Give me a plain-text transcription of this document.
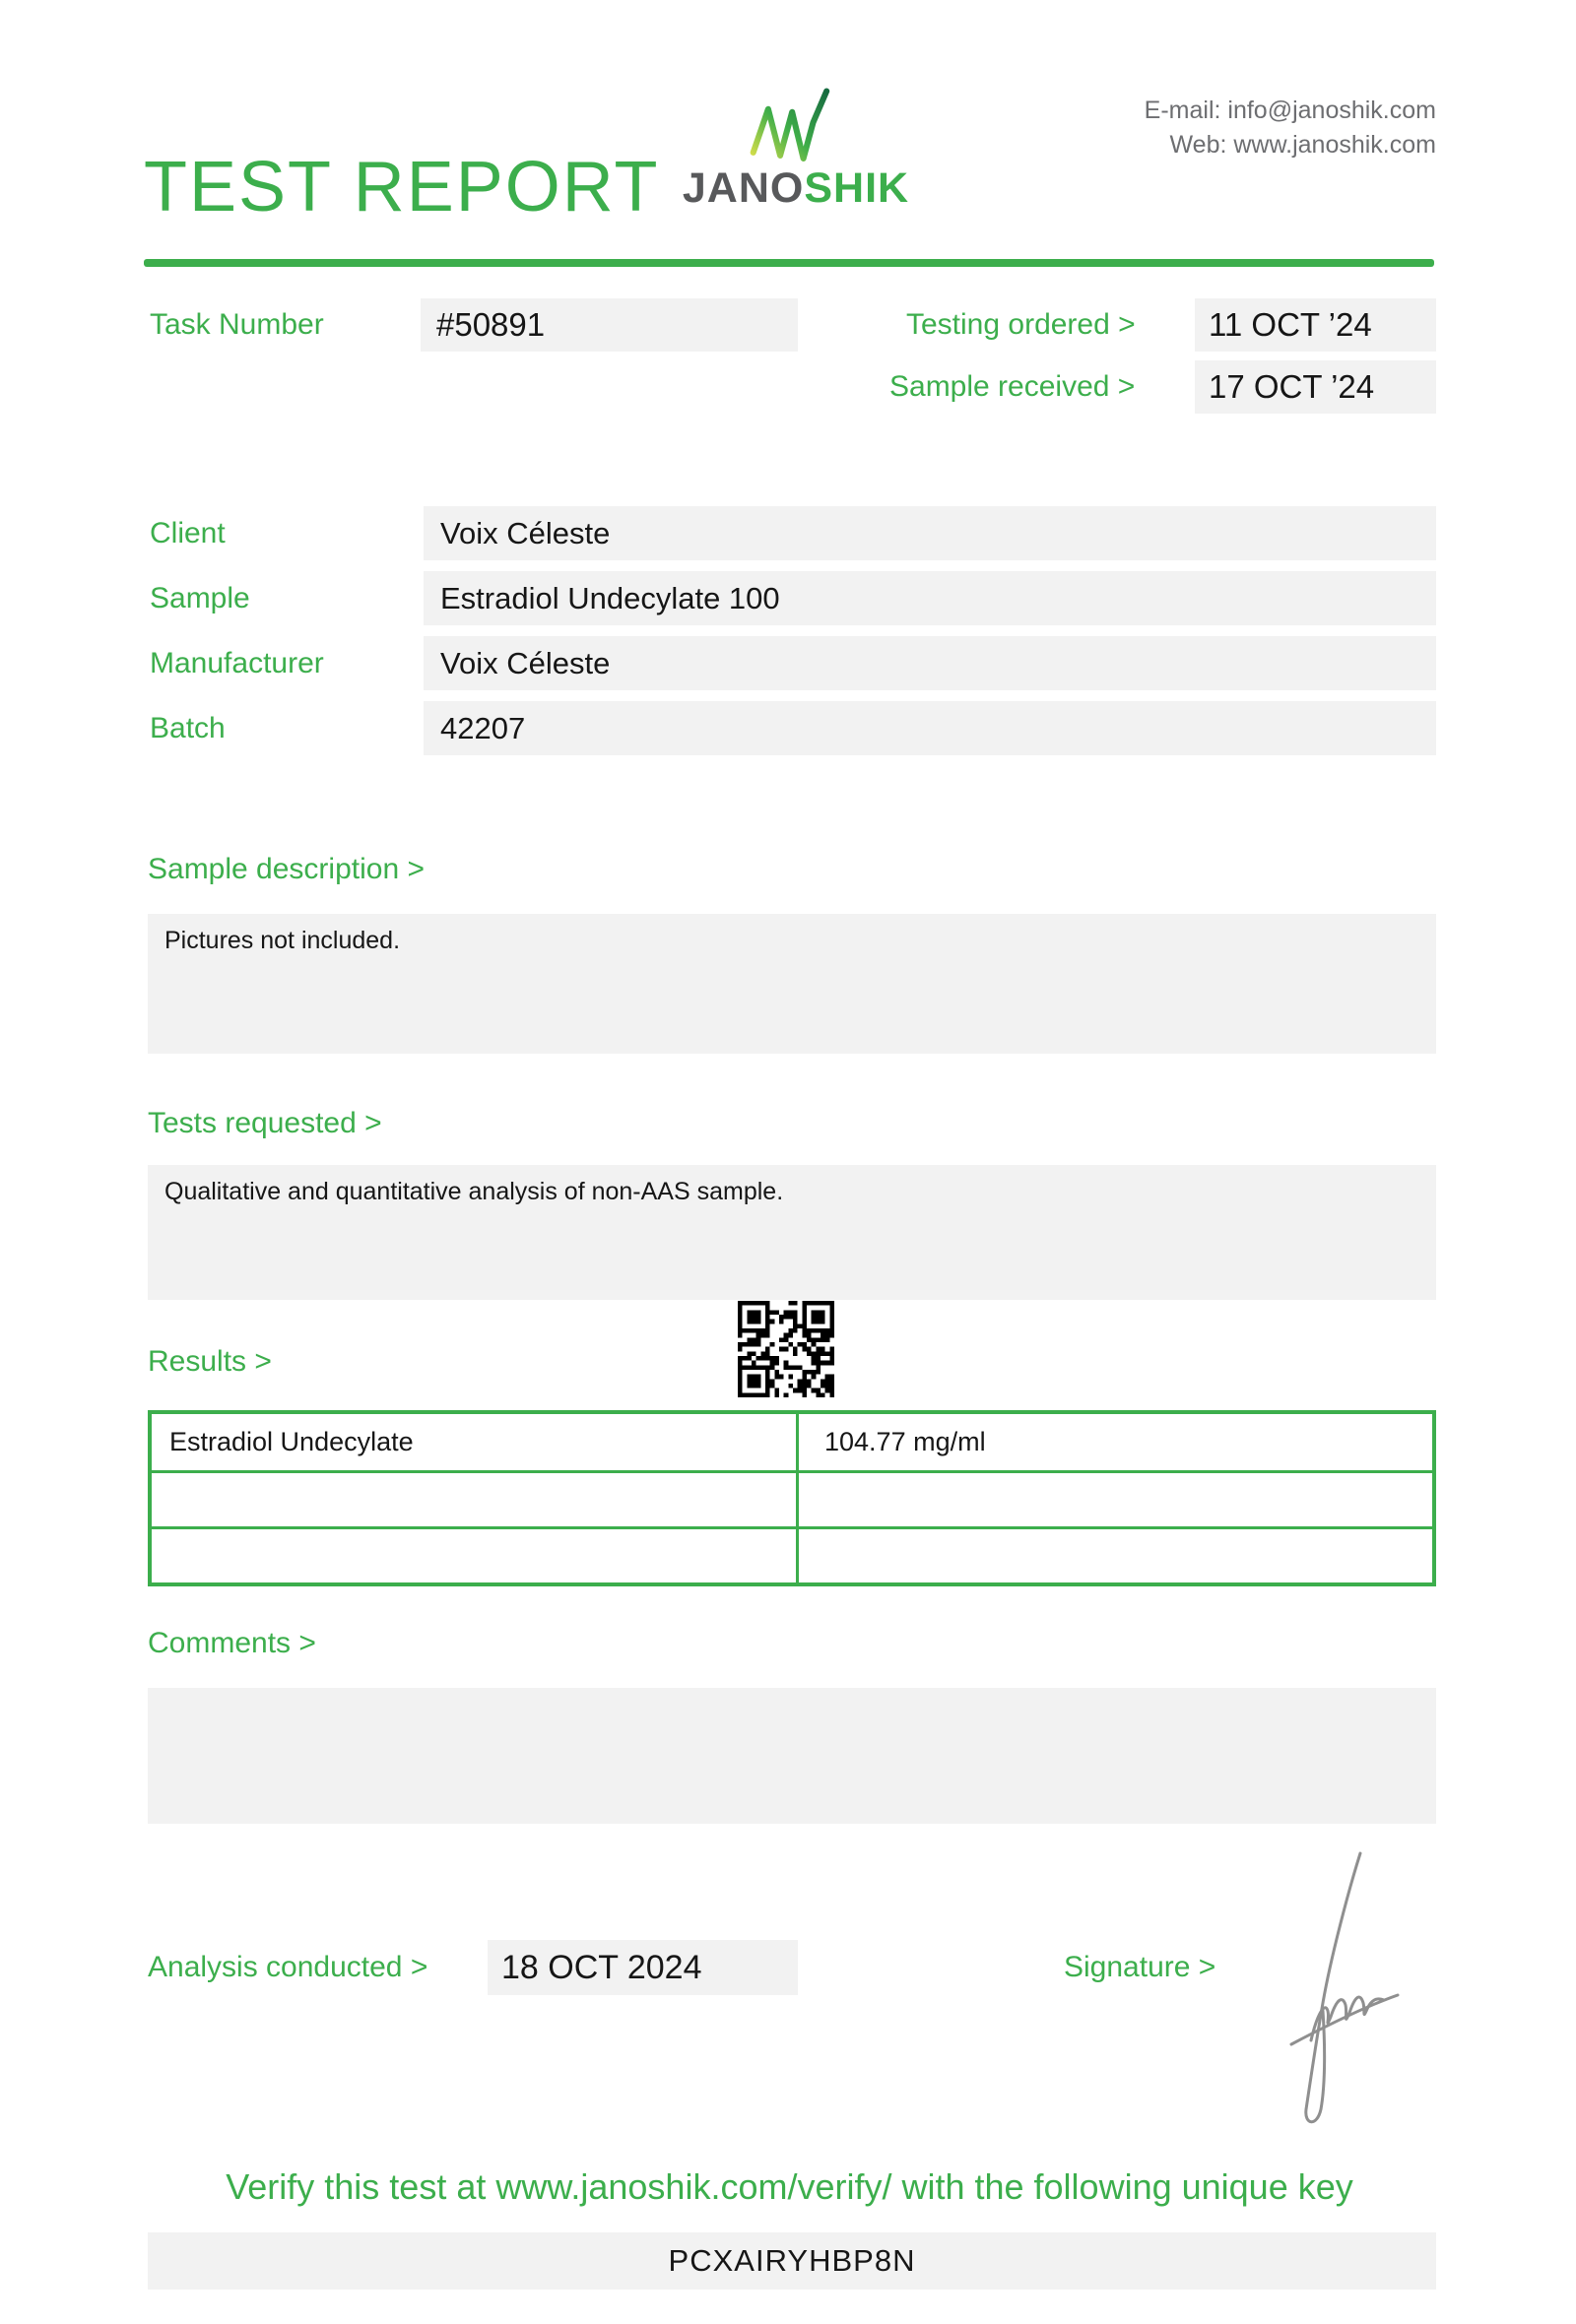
TEST REPORT JANOSHIK
E-mail: info@janoshik.com
Web: www.janoshik.com
Task Number	#50891	Testing ordered >	11 OCT ’24
Sample received >	17 OCT ’24
Client	Voix Céleste
Sample	Estradiol Undecylate 100
Manufacturer	Voix Céleste
Batch	42207
Sample description >
Pictures not included.
Tests requested >
Qualitative and quantitative analysis of non-AAS sample.
Results >
Estradiol Undecylate	104.77 mg/ml
Comments >
Analysis conducted >	18 OCT 2024	Signature >
Verify this test at www.janoshik.com/verify/ with the following unique key
PCXAIRYHBP8N
